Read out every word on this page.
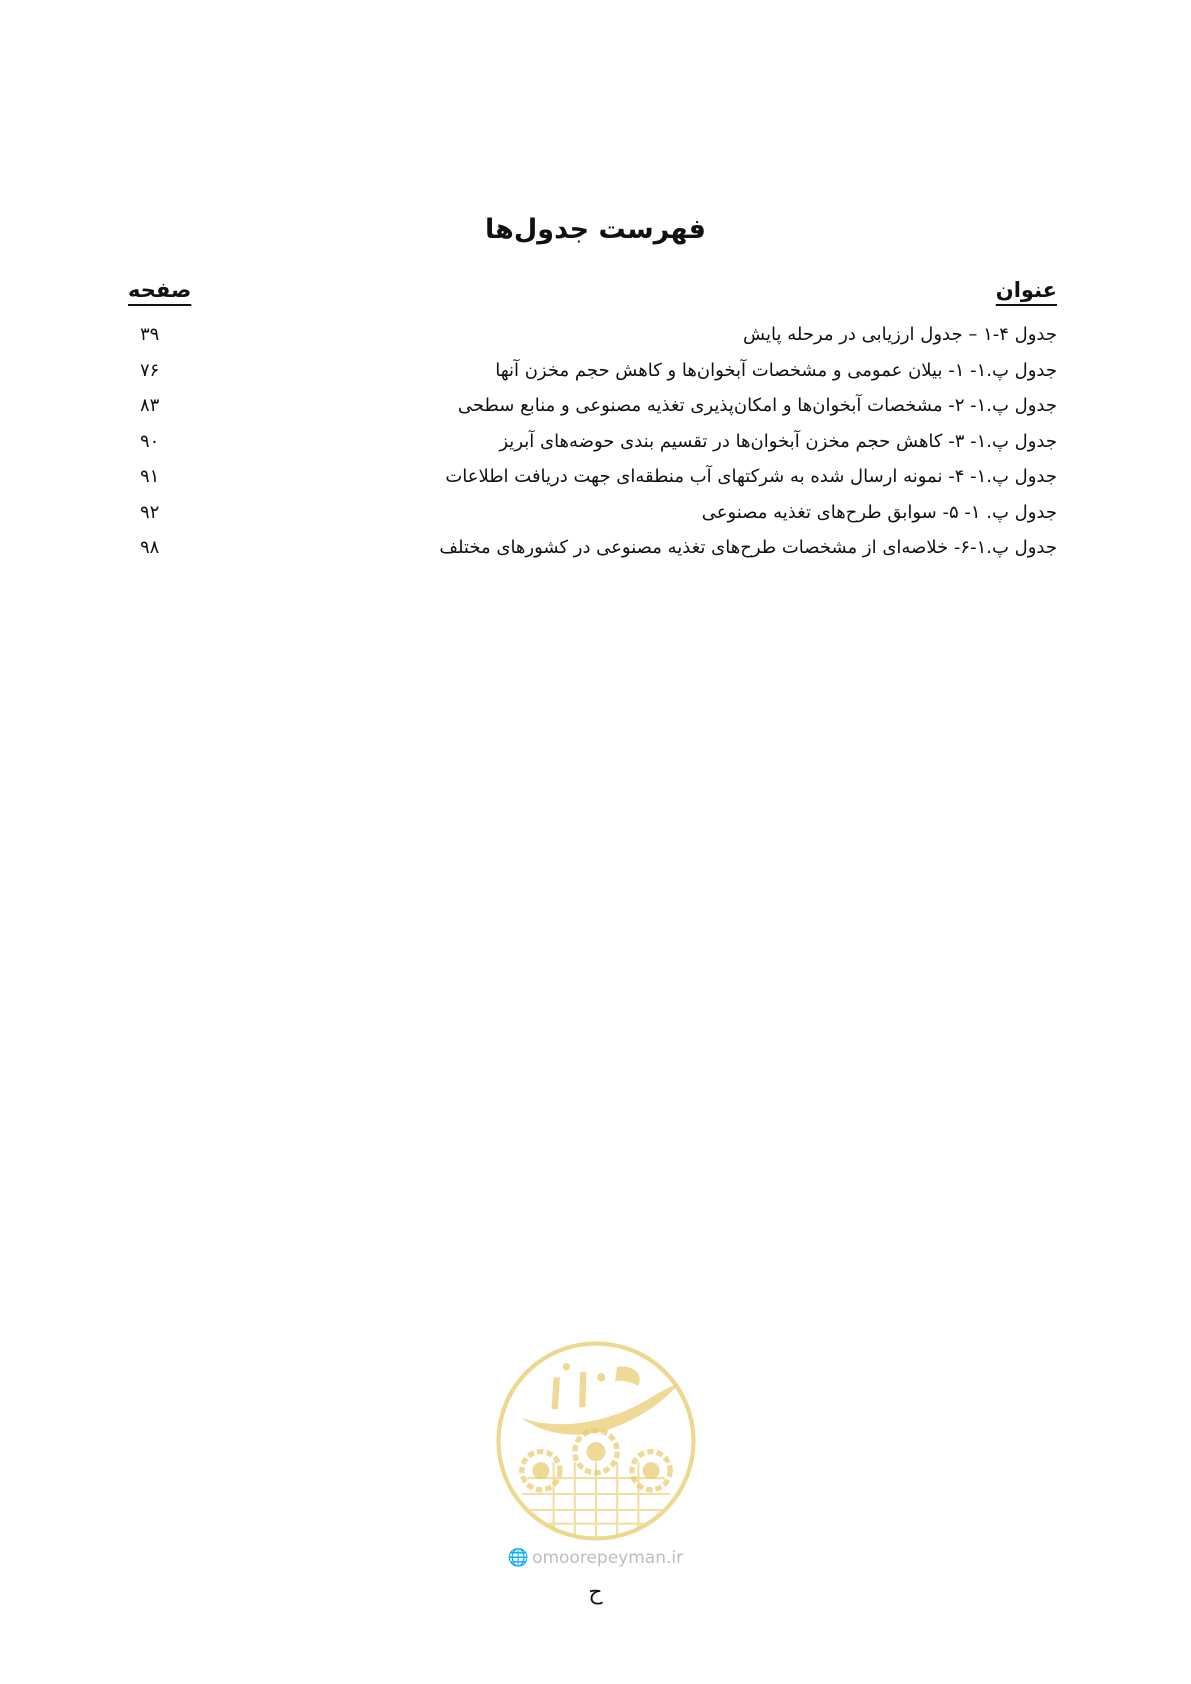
فهرست جدول‌ها
عنوان
صفحه
جدول ۴-۱ – جدول ارزیابی در مرحله پایش
۳۹
جدول پ.۱- ۱- بیلان عمومی و مشخصات آبخوان‌ها و کاهش حجم مخزن آنها
۷۶
جدول پ.۱- ۲- مشخصات آبخوان‌ها و امکان‌پذیری تغذیه مصنوعی و منابع سطحی
۸۳
جدول پ.۱- ۳- کاهش حجم مخزن آبخوان‌ها در تقسیم بندی حوضه‌های آبریز
۹۰
جدول پ.۱- ۴- نمونه ارسال شده به شرکتهای آب منطقه‌ای جهت دریافت اطلاعات
۹۱
جدول پ. ۱- ۵- سوابق طرح‌های تغذیه مصنوعی
۹۲
جدول پ.۱-۶- خلاصه‌ای از مشخصات طرح‌های تغذیه مصنوعی در کشورهای مختلف
۹۸
🌐 omoorepeyman.ir
ح
